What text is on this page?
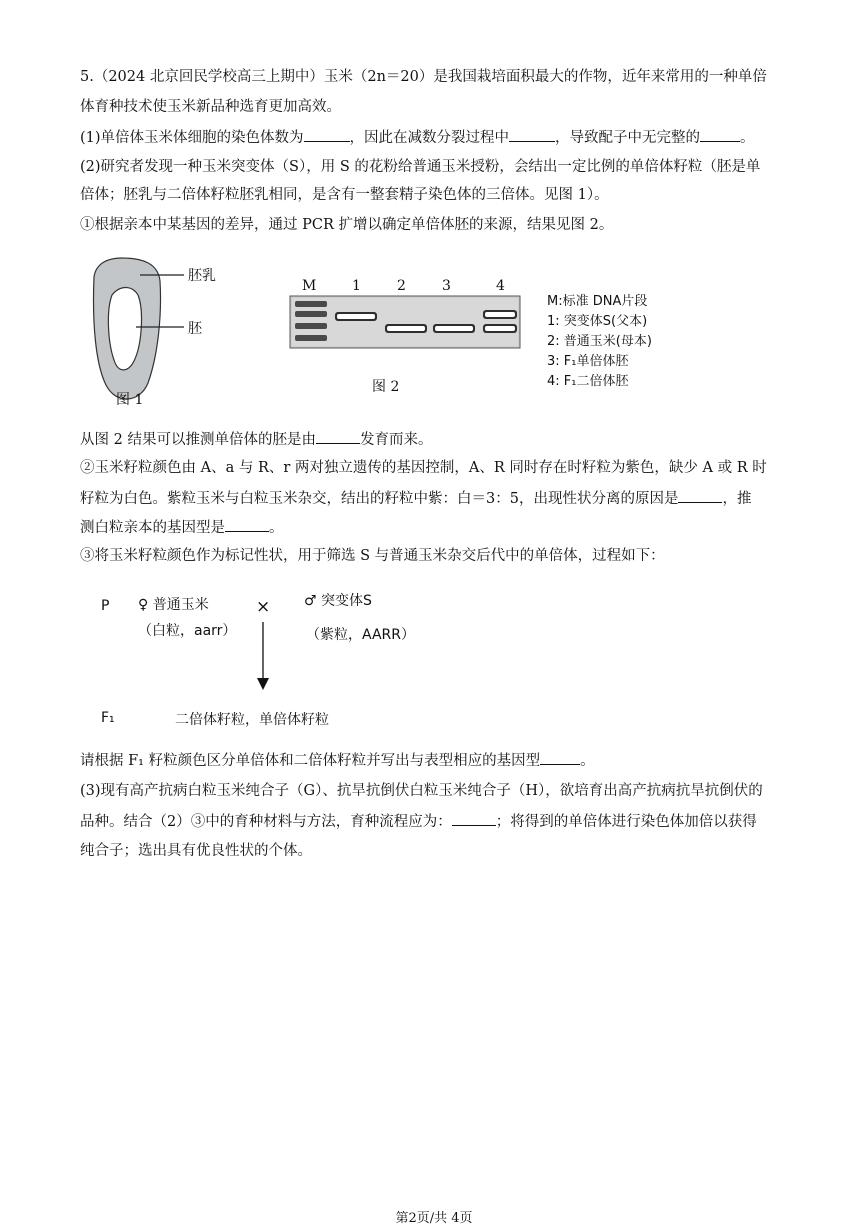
5.（2024 北京回民学校高三上期中）玉米（2n＝20）是我国栽培面积最大的作物，近年来常用的一种单倍
体育种技术使玉米新品种选育更加高效。
(1)单倍体玉米体细胞的染色体数为	，因此在减数分裂过程中	，导致配子中无完整的	。
(2)研究者发现一种玉米突变体（S），用 S 的花粉给普通玉米授粉，会结出一定比例的单倍体籽粒（胚是单
倍体；胚乳与二倍体籽粒胚乳相同，是含有一整套精子染色体的三倍体。见图 1）。
①根据亲本中某基因的差异，通过 PCR 扩增以确定单倍体胚的来源，结果见图 2。
胚乳
胚
图 1
M	1	2	3	4
图 2
M:标准 DNA片段
1: 突变体S(父本)
2: 普通玉米(母本)
3: F₁单倍体胚
4: F₁二倍体胚
从图 2 结果可以推测单倍体的胚是由	发育而来。
②玉米籽粒颜色由 A、a 与 R、r 两对独立遗传的基因控制，A、R 同时存在时籽粒为紫色，缺少 A 或 R 时
籽粒为白色。紫粒玉米与白粒玉米杂交，结出的籽粒中紫：白＝3：5，出现性状分离的原因是	，推
测白粒亲本的基因型是	。
③将玉米籽粒颜色作为标记性状，用于筛选 S 与普通玉米杂交后代中的单倍体，过程如下：
P ♀ 普通玉米
（白粒，aarr）
× ♂ 突变体S
（紫粒，AARR）
F₁	二倍体籽粒，单倍体籽粒
请根据 F₁ 籽粒颜色区分单倍体和二倍体籽粒并写出与表型相应的基因型	。
(3)现有高产抗病白粒玉米纯合子（G）、抗旱抗倒伏白粒玉米纯合子（H），欲培育出高产抗病抗旱抗倒伏的
品种。结合（2）③中的育种材料与方法，育种流程应为：	；将得到的单倍体进行染色体加倍以获得
纯合子；选出具有优良性状的个体。
第2页/共 4页
